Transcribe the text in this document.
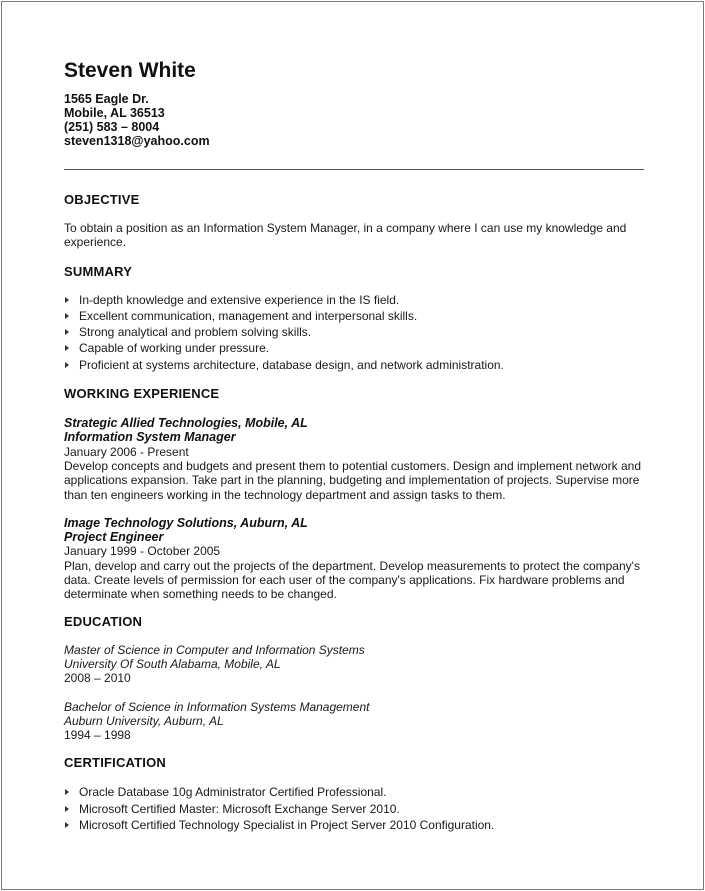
Steven White
1565 Eagle Dr.
Mobile, AL 36513
(251) 583 – 8004
steven1318@yahoo.com
OBJECTIVE
To obtain a position as an Information System Manager, in a company where I can use my knowledge and experience.
SUMMARY
In-depth knowledge and extensive experience in the IS field.
Excellent communication, management and interpersonal skills.
Strong analytical and problem solving skills.
Capable of working under pressure.
Proficient at systems architecture, database design, and network administration.
WORKING EXPERIENCE
Strategic Allied Technologies, Mobile, AL
Information System Manager
January 2006 - Present
Develop concepts and budgets and present them to potential customers. Design and implement network and applications expansion. Take part in the planning, budgeting and implementation of projects. Supervise more than ten engineers working in the technology department and assign tasks to them.
Image Technology Solutions, Auburn, AL
Project Engineer
January 1999 - October 2005
Plan, develop and carry out the projects of the department. Develop measurements to protect the company's data. Create levels of permission for each user of the company's applications. Fix hardware problems and determinate when something needs to be changed.
EDUCATION
Master of Science in Computer and Information Systems
University Of South Alabama, Mobile, AL
2008 – 2010
Bachelor of Science in Information Systems Management
Auburn University, Auburn, AL
1994 – 1998
CERTIFICATION
Oracle Database 10g Administrator Certified Professional.
Microsoft Certified Master: Microsoft Exchange Server 2010.
Microsoft Certified Technology Specialist in Project Server 2010 Configuration.
